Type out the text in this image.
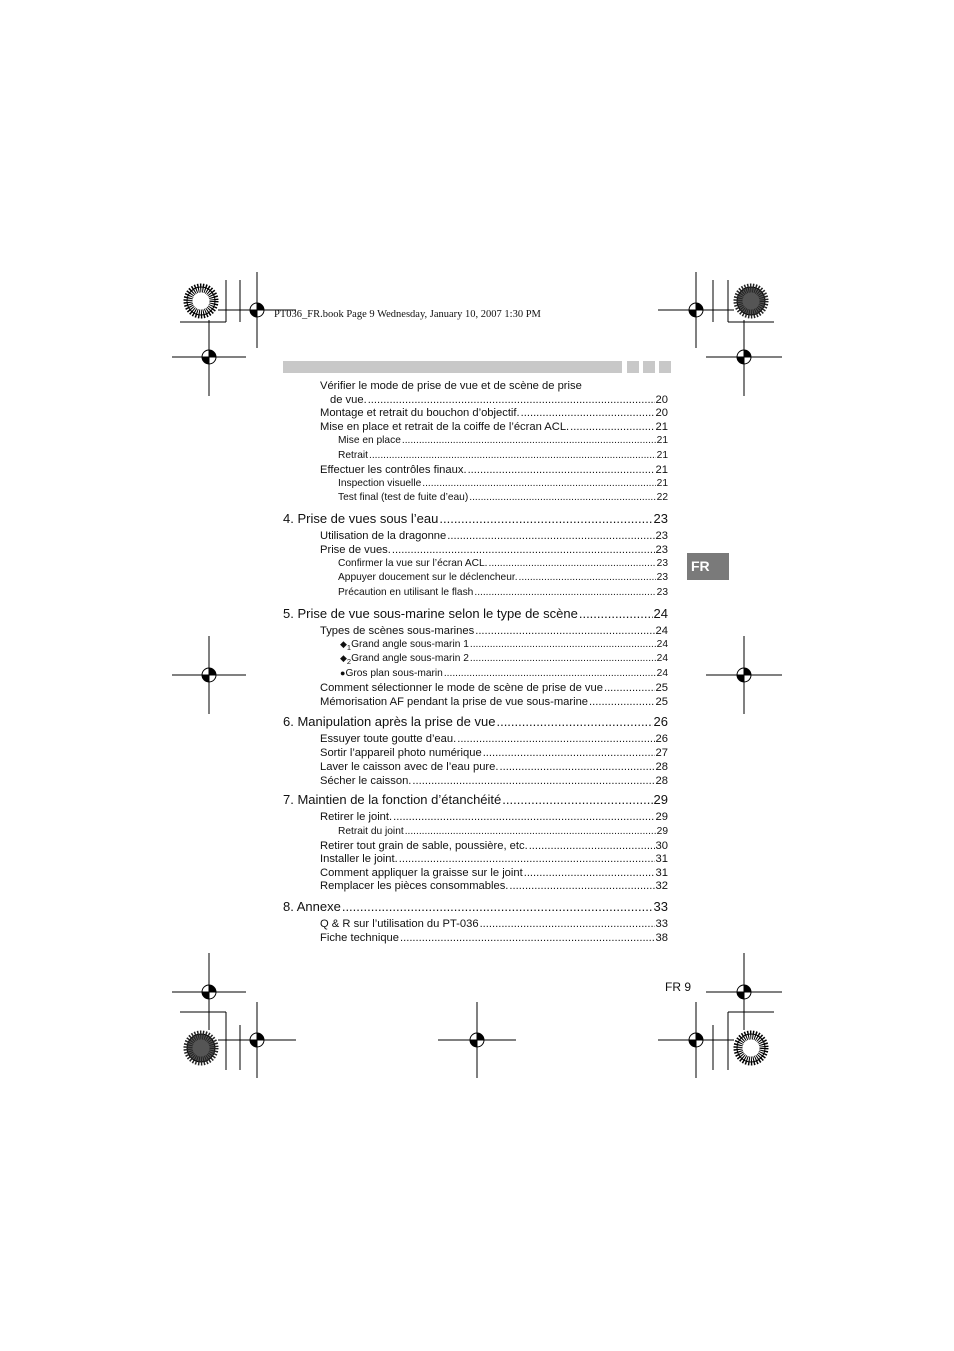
PT036_FR.book Page 9 Wednesday, January 10, 2007 1:30 PM
FR
Vérifier le mode de prise de vue et de scène de prise
de vue. .....	20
Montage et retrait du bouchon d’objectif. .....	20
Mise en place et retrait de la coiffe de l’écran ACL. .....	21
Mise en place .....	21
Retrait .....	21
Effectuer les contrôles finaux. .....	21
Inspection visuelle .....	21
Test final (test de fuite d’eau) .....	22
4. Prise de vues sous l’eau .....	23
Utilisation de la dragonne .....	23
Prise de vues. .....	23
Confirmer la vue sur l’écran ACL. .....	23
Appuyer doucement sur le déclencheur. .....	23
Précaution en utilisant le flash .....	23
5. Prise de vue sous-marine selon le type de scène .....	24
Types de scènes sous-marines .....	24
$◆_1$ Grand angle sous-marin 1 .....	24
$◆_2$ Grand angle sous-marin 2 .....	24
● Gros plan sous-marin .....	24
Comment sélectionner le mode de scène de prise de vue .....	25
Mémorisation AF pendant la prise de vue sous-marine .....	25
6. Manipulation après la prise de vue .....	26
Essuyer toute goutte d’eau. .....	26
Sortir l’appareil photo numérique .....	27
Laver le caisson avec de l’eau pure. .....	28
Sécher le caisson. .....	28
7. Maintien de la fonction d’étanchéité .....	29
Retirer le joint. .....	29
Retrait du joint .....	29
Retirer tout grain de sable, poussière, etc. .....	30
Installer le joint. .....	31
Comment appliquer la graisse sur le joint .....	31
Remplacer les pièces consommables. .....	32
8. Annexe .....	33
Q & R sur l’utilisation du PT-036 .....	33
Fiche technique .....	38
FR 9
